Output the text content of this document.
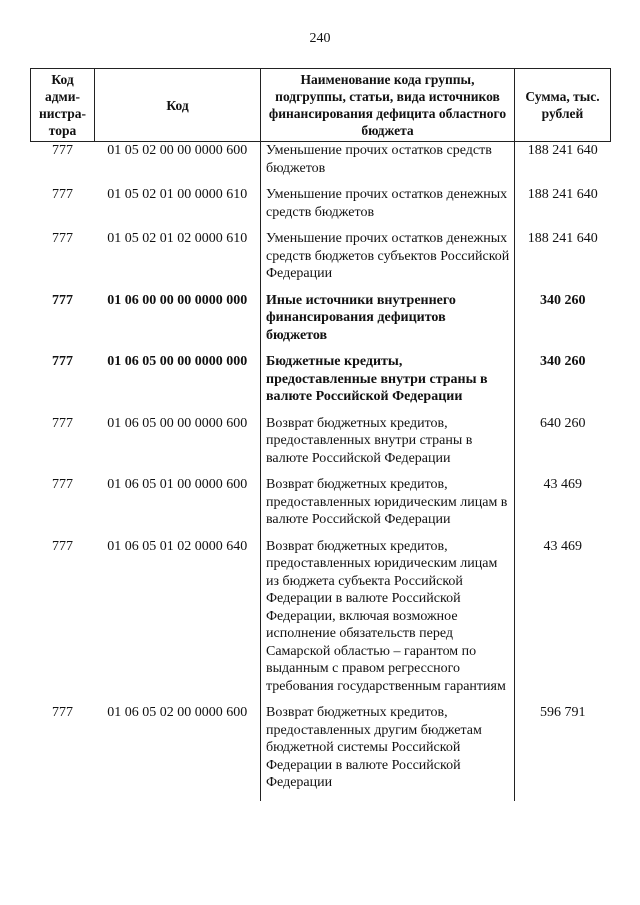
240
Код адми-нистра-тора	Код	Наименование кода группы, подгруппы, статьи, вида источников финансирования дефицита областного бюджета	Сумма, тыс. рублей
777	01 05 02 00 00 0000 600	Уменьшение прочих остатков средств бюджетов	188 241 640
777	01 05 02 01 00 0000 610	Уменьшение прочих остатков денежных средств бюджетов	188 241 640
777	01 05 02 01 02 0000 610	Уменьшение прочих остатков денежных средств бюджетов субъектов Российской Федерации	188 241 640
777	01 06 00 00 00 0000 000	Иные источники внутреннего финансирования дефицитов бюджетов	340 260
777	01 06 05 00 00 0000 000	Бюджетные кредиты, предоставленные внутри страны в валюте Российской Федерации	340 260
777	01 06 05 00 00 0000 600	Возврат бюджетных кредитов, предоставленных внутри страны в валюте Российской Федерации	640 260
777	01 06 05 01 00 0000 600	Возврат бюджетных кредитов, предоставленных юридическим лицам в валюте Российской Федерации	43 469
777	01 06 05 01 02 0000 640	Возврат бюджетных кредитов, предоставленных юридическим лицам из бюджета субъекта Российской Федерации в валюте Российской Федерации, включая возможное исполнение обязательств перед Самарской областью – гарантом по выданным с правом регрессного требования государственным гарантиям	43 469
777	01 06 05 02 00 0000 600	Возврат бюджетных кредитов, предоставленных другим бюджетам бюджетной системы Российской Федерации в валюте Российской Федерации	596 791
